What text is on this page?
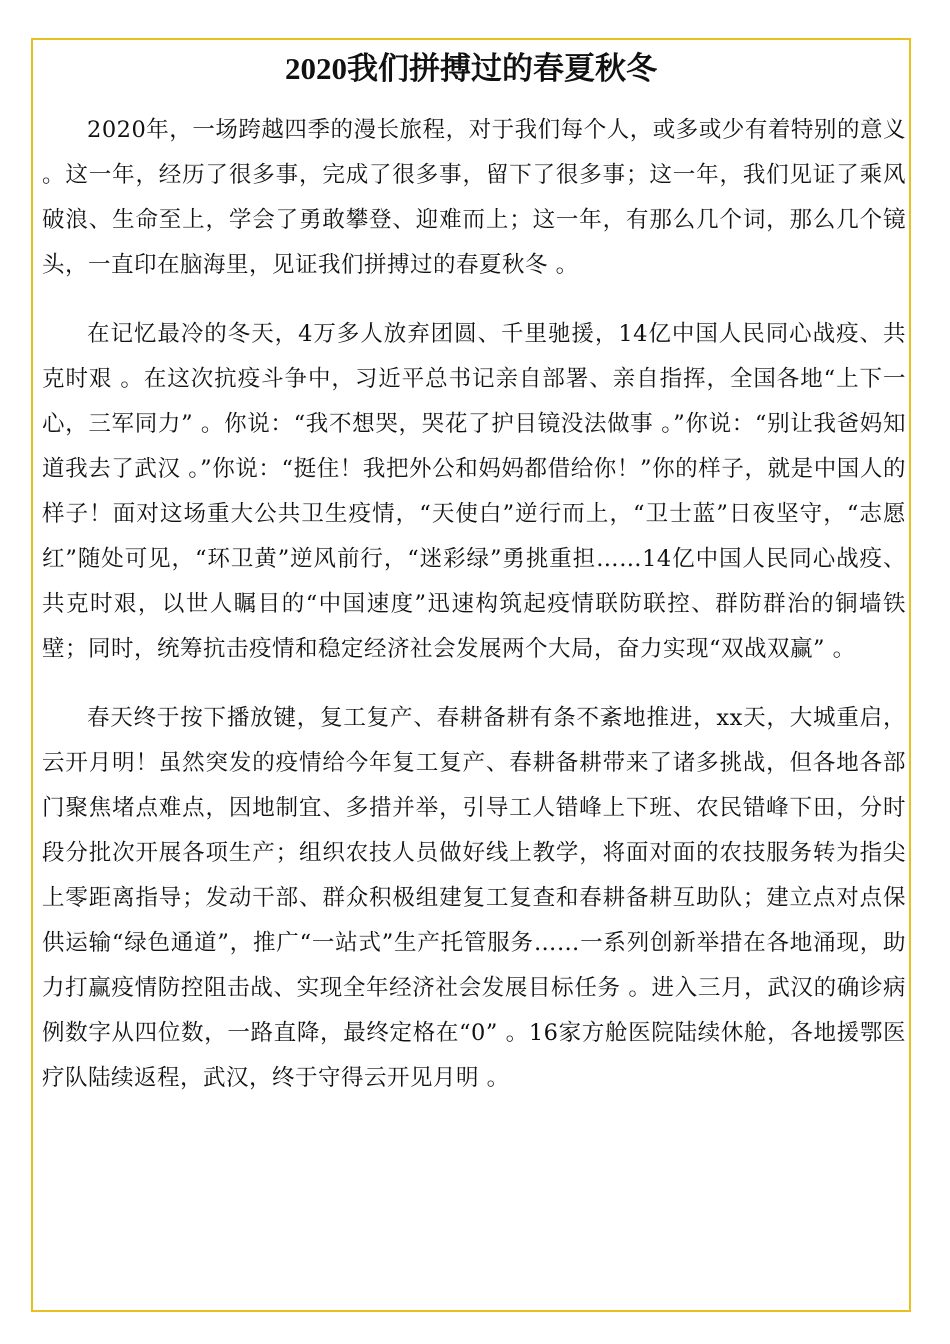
2020我们拼搏过的春夏秋冬

2020年，一场跨越四季的漫长旅程，对于我们每个人，或多或少有着特别的意义 。这一年，经历了很多事，完成了很多事，留下了很多事；这一年，我们见证了乘风破浪、生命至上，学会了勇敢攀登、迎难而上；这一年，有那么几个词，那么几个镜头，一直印在脑海里，见证我们拼搏过的春夏秋冬 。

在记忆最冷的冬天，4万多人放弃团圆、千里驰援，14亿中国人民同心战疫、共克时艰 。在这次抗疫斗争中，习近平总书记亲自部署、亲自指挥，全国各地“上下一心，三军同力” 。你说：“我不想哭，哭花了护目镜没法做事 。”你说：“别让我爸妈知道我去了武汉 。”你说：“挺住！我把外公和妈妈都借给你！”你的样子，就是中国人的样子！面对这场重大公共卫生疫情，“天使白”逆行而上，“卫士蓝”日夜坚守，“志愿红”随处可见，“环卫黄”逆风前行，“迷彩绿”勇挑重担……14亿中国人民同心战疫、共克时艰，以世人瞩目的“中国速度”迅速构筑起疫情联防联控、群防群治的铜墙铁壁；同时，统筹抗击疫情和稳定经济社会发展两个大局，奋力实现“双战双赢” 。

春天终于按下播放键，复工复产、春耕备耕有条不紊地推进，xx天，大城重启，云开月明！虽然突发的疫情给今年复工复产、春耕备耕带来了诸多挑战，但各地各部门聚焦堵点难点，因地制宜、多措并举，引导工人错峰上下班、农民错峰下田，分时段分批次开展各项生产；组织农技人员做好线上教学，将面对面的农技服务转为指尖上零距离指导；发动干部、群众积极组建复工复查和春耕备耕互助队；建立点对点保供运输“绿色通道”，推广“一站式”生产托管服务……一系列创新举措在各地涌现，助力打赢疫情防控阻击战、实现全年经济社会发展目标任务 。进入三月，武汉的确诊病例数字从四位数，一路直降，最终定格在“0” 。16家方舱医院陆续休舱，各地援鄂医疗队陆续返程，武汉，终于守得云开见月明 。
